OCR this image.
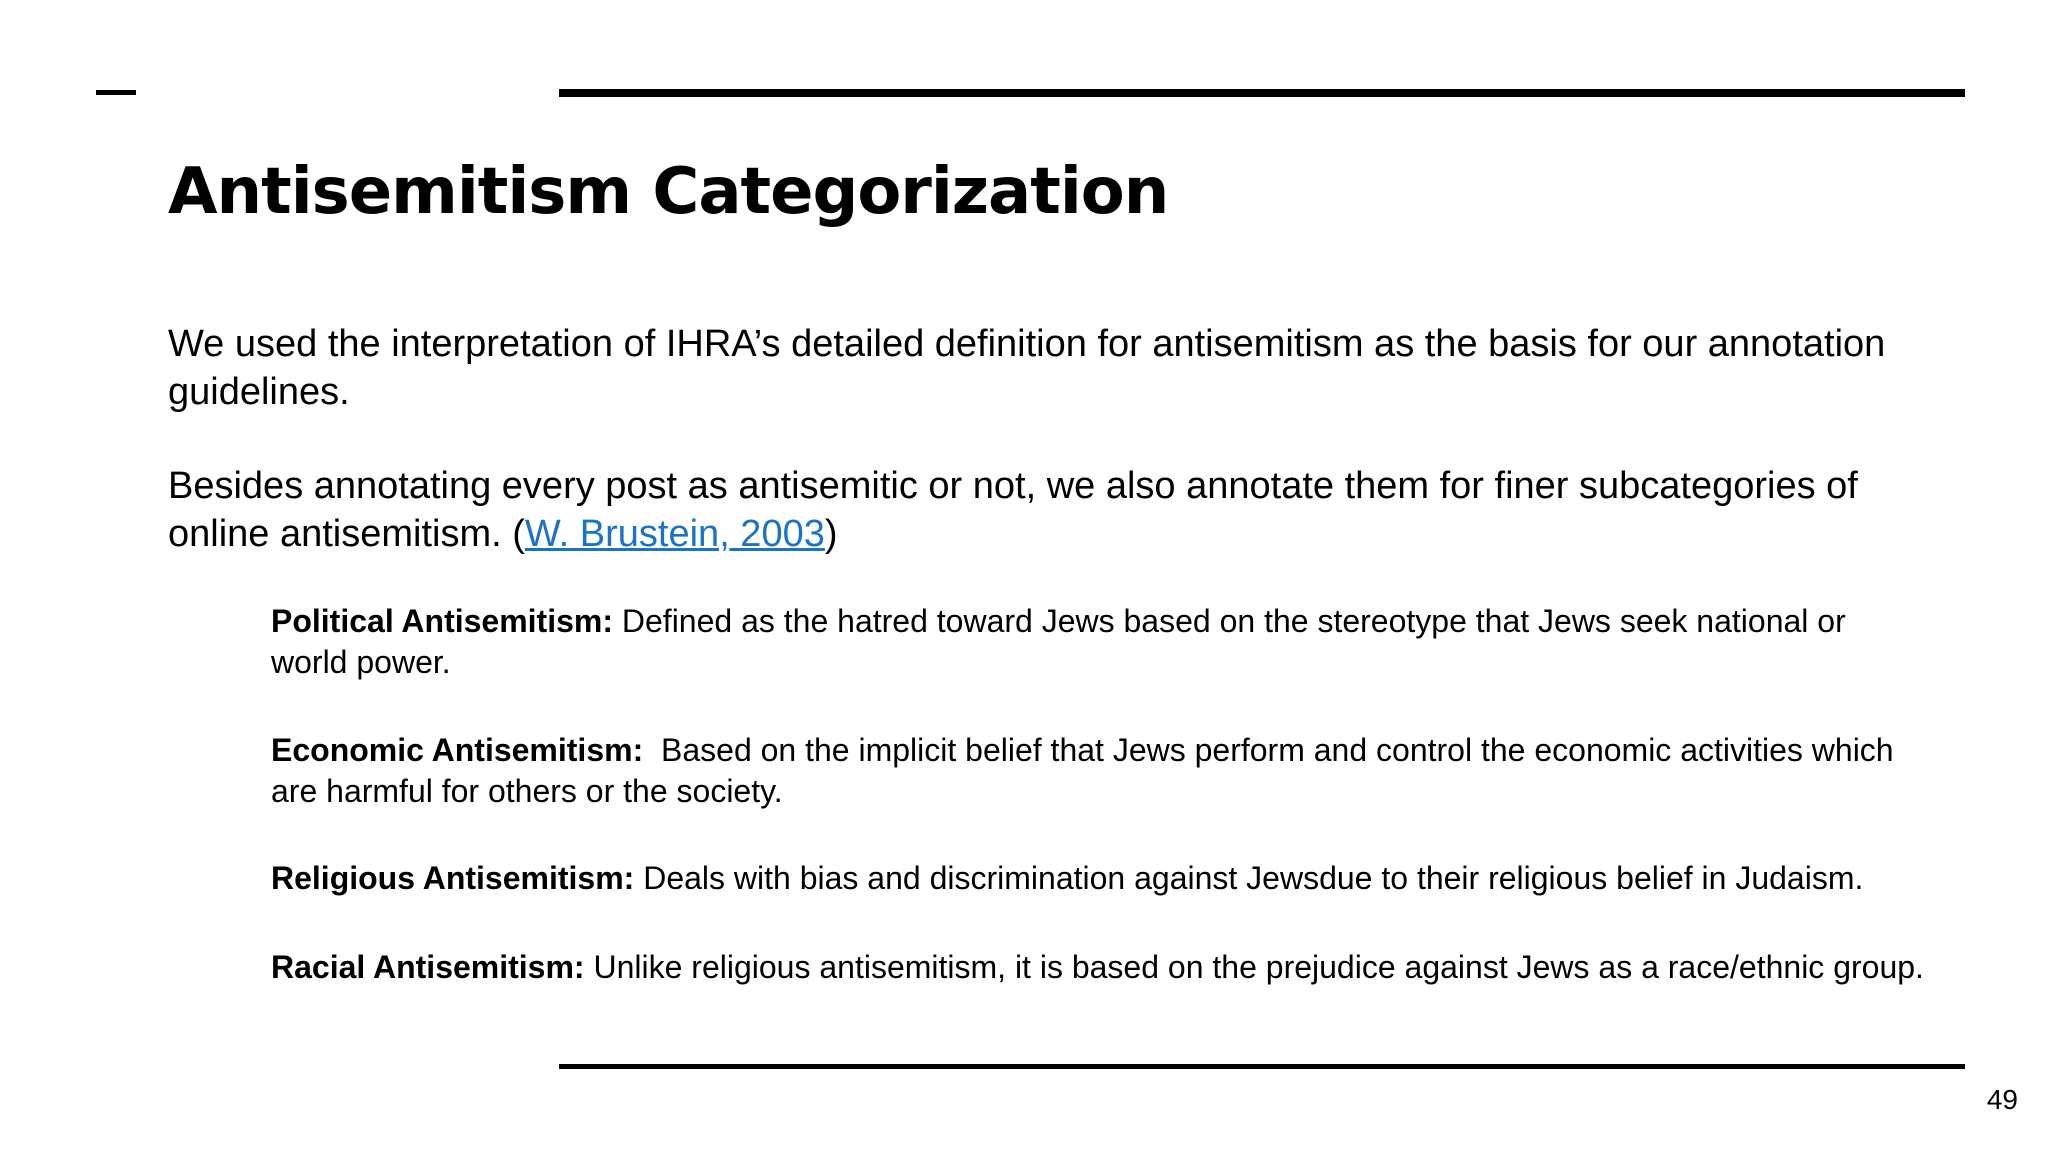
Antisemitism Categorization

We used the interpretation of IHRA’s detailed definition for antisemitism as the basis for our annotation guidelines.

Besides annotating every post as antisemitic or not, we also annotate them for finer subcategories of online antisemitism. (W. Brustein, 2003)

Political Antisemitism: Defined as the hatred toward Jews based on the stereotype that Jews seek national or world power.

Economic Antisemitism:  Based on the implicit belief that Jews perform and control the economic activities which are harmful for others or the society.

Religious Antisemitism: Deals with bias and discrimination against Jewsdue to their religious belief in Judaism.

Racial Antisemitism: Unlike religious antisemitism, it is based on the prejudice against Jews as a race/ethnic group.

49
